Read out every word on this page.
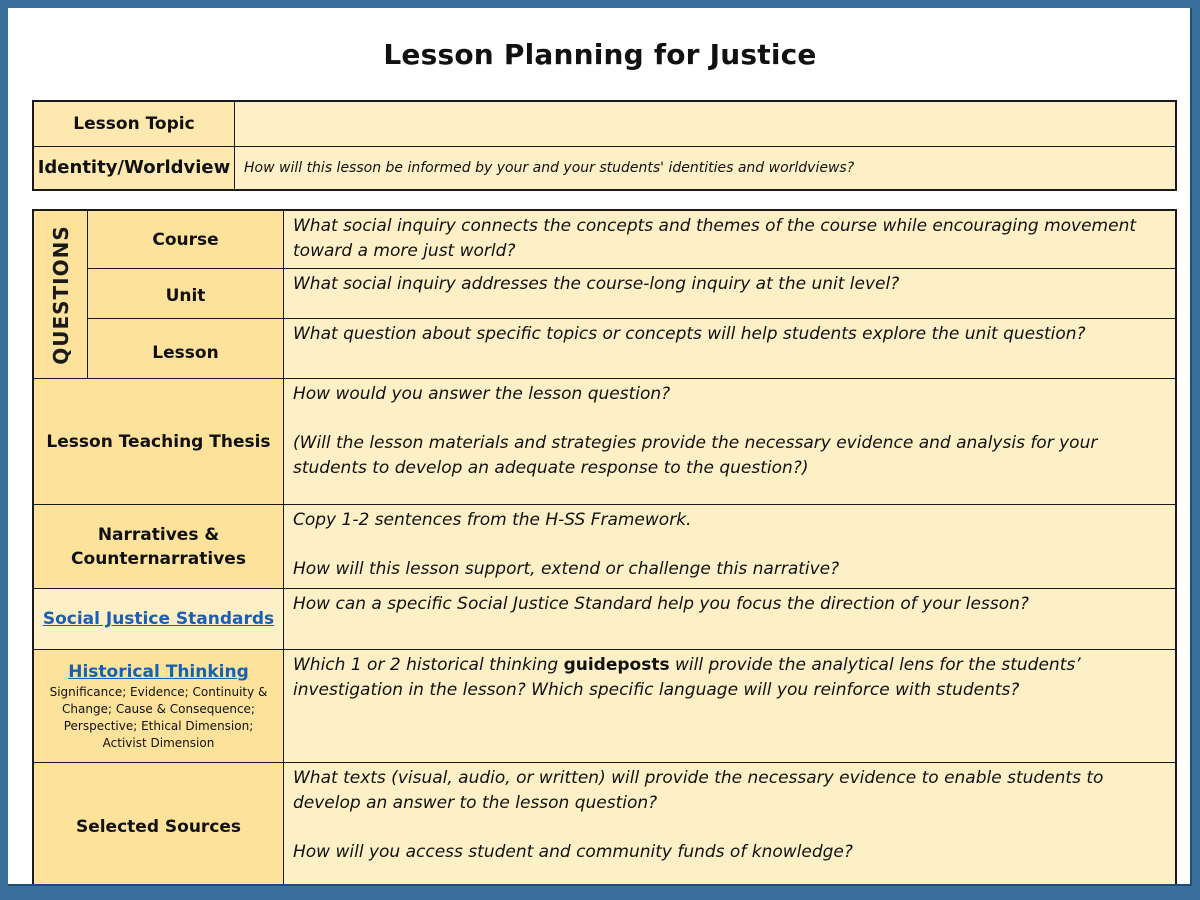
Lesson Planning for Justice
Lesson Topic
Identity/Worldview How will this lesson be informed by your and your students' identities and worldviews?
QUESTIONS	Course
What social inquiry connects the concepts and themes of the course while encouraging movement toward a more just world?
Unit
What social inquiry addresses the course-long inquiry at the unit level?
Lesson
What question about specific topics or concepts will help students explore the unit question?
Lesson Teaching Thesis

How would you answer the lesson question?

(Will the lesson materials and strategies provide the necessary evidence and analysis for your students to develop an adequate response to the question?)

Narratives & Counternarratives

Copy 1-2 sentences from the H-SS Framework.

How will this lesson support, extend or challenge this narrative?

Social Justice Standards
How can a specific Social Justice Standard help you focus the direction of your lesson?
Historical Thinking
Significance; Evidence; Continuity & Change; Cause & Consequence; Perspective; Ethical Dimension; Activist Dimension
Which 1 or 2 historical thinking guideposts will provide the analytical lens for the students’ investigation in the lesson? Which specific language will you reinforce with students?
Selected Sources

What texts (visual, audio, or written) will provide the necessary evidence to enable students to develop an answer to the lesson question?

How will you access student and community funds of knowledge?
